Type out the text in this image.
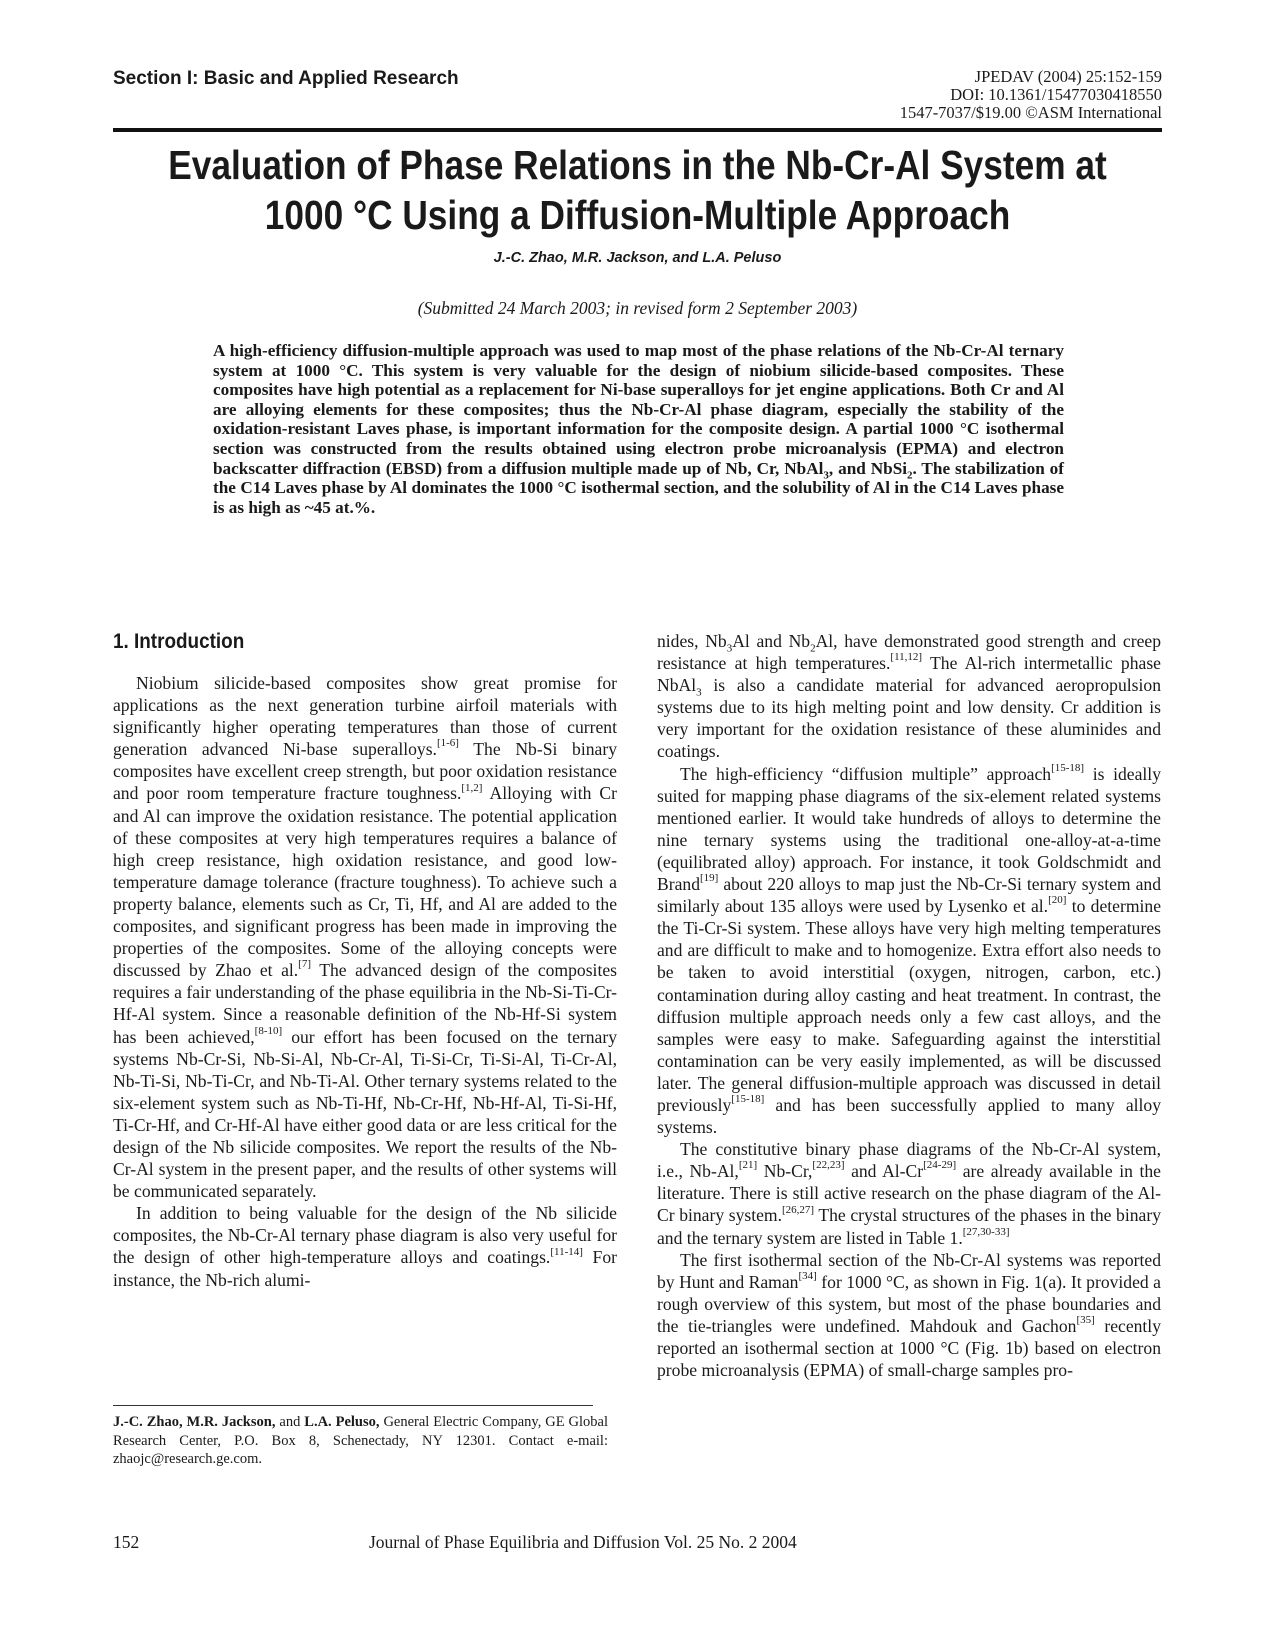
Section I: Basic and Applied Research	JPEDAV (2004) 25:152-159
DOI: 10.1361/15477030418550
1547-7037/$19.00 ©ASM International
Evaluation of Phase Relations in the Nb-Cr-Al System at
1000 °C Using a Diffusion-Multiple Approach
J.-C. Zhao, M.R. Jackson, and L.A. Peluso
(Submitted 24 March 2003; in revised form 2 September 2003)

A high-efficiency diffusion-multiple approach was used to map most of the phase relations of the Nb-Cr-Al ternary system at 1000 °C. This system is very valuable for the design of niobium silicide-based composites. These composites have high potential as a replacement for Ni-base superalloys for jet engine applications. Both Cr and Al are alloying elements for these composites; thus the Nb-Cr-Al phase diagram, especially the stability of the oxidation-resistant Laves phase, is important information for the composite design. A partial 1000 °C isothermal section was constructed from the results obtained using electron probe microanalysis (EPMA) and electron backscatter diffraction (EBSD) from a diffusion multiple made up of Nb, Cr, NbAl$_3$, and NbSi$_2$. The stabilization of the C14 Laves phase by Al dominates the 1000 °C isothermal section, and the solubility of Al in the C14 Laves phase is as high as ~45 at.%.

1. Introduction

Niobium silicide-based composites show great promise for applications as the next generation turbine airfoil materials with significantly higher operating temperatures than those of current generation advanced Ni-base superalloys.[1-6] The Nb-Si binary composites have excellent creep strength, but poor oxidation resistance and poor room temperature fracture toughness.[1,2] Alloying with Cr and Al can improve the oxidation resistance. The potential application of these composites at very high temperatures requires a balance of high creep resistance, high oxidation resistance, and good low-temperature damage tolerance (fracture toughness). To achieve such a property balance, elements such as Cr, Ti, Hf, and Al are added to the composites, and significant progress has been made in improving the properties of the composites. Some of the alloying concepts were discussed by Zhao et al.[7] The advanced design of the composites requires a fair understanding of the phase equilibria in the Nb-Si-Ti-Cr-Hf-Al system. Since a reasonable definition of the Nb-Hf-Si system has been achieved,[8-10] our effort has been focused on the ternary systems Nb-Cr-Si, Nb-Si-Al, Nb-Cr-Al, Ti-Si-Cr, Ti-Si-Al, Ti-Cr-Al, Nb-Ti-Si, Nb-Ti-Cr, and Nb-Ti-Al. Other ternary systems related to the six-element system such as Nb-Ti-Hf, Nb-Cr-Hf, Nb-Hf-Al, Ti-Si-Hf, Ti-Cr-Hf, and Cr-Hf-Al have either good data or are less critical for the design of the Nb silicide composites. We report the results of the Nb-Cr-Al system in the present paper, and the results of other systems will be communicated separately.

In addition to being valuable for the design of the Nb silicide composites, the Nb-Cr-Al ternary phase diagram is also very useful for the design of other high-temperature alloys and coatings.[11-14] For instance, the Nb-rich alumi-

nides, $Nb_3Al$ and $Nb_2Al$, have demonstrated good strength and creep resistance at high temperatures.[11,12] The Al-rich intermetallic phase NbAl$_3$ is also a candidate material for advanced aeropropulsion systems due to its high melting point and low density. Cr addition is very important for the oxidation resistance of these aluminides and coatings.

The high-efficiency “diffusion multiple” approach[15-18] is ideally suited for mapping phase diagrams of the six-element related systems mentioned earlier. It would take hundreds of alloys to determine the nine ternary systems using the traditional one-alloy-at-a-time (equilibrated alloy) approach. For instance, it took Goldschmidt and Brand[19] about 220 alloys to map just the Nb-Cr-Si ternary system and similarly about 135 alloys were used by Lysenko et al.[20] to determine the Ti-Cr-Si system. These alloys have very high melting temperatures and are difficult to make and to homogenize. Extra effort also needs to be taken to avoid interstitial (oxygen, nitrogen, carbon, etc.) contamination during alloy casting and heat treatment. In contrast, the diffusion multiple approach needs only a few cast alloys, and the samples were easy to make. Safeguarding against the interstitial contamination can be very easily implemented, as will be discussed later. The general diffusion-multiple approach was discussed in detail previously[15-18] and has been successfully applied to many alloy systems.

The constitutive binary phase diagrams of the Nb-Cr-Al system, i.e., Nb-Al,[21] Nb-Cr,[22,23] and Al-Cr[24-29] are already available in the literature. There is still active research on the phase diagram of the Al-Cr binary system.[26,27] The crystal structures of the phases in the binary and the ternary system are listed in Table 1.[27,30-33]

The first isothermal section of the Nb-Cr-Al systems was reported by Hunt and Raman[34] for 1000 °C, as shown in Fig. 1(a). It provided a rough overview of this system, but most of the phase boundaries and the tie-triangles were undefined. Mahdouk and Gachon[35] recently reported an isothermal section at 1000 °C (Fig. 1b) based on electron probe microanalysis (EPMA) of small-charge samples pro-

J.-C. Zhao, M.R. Jackson, and L.A. Peluso, General Electric Company, GE Global Research Center, P.O. Box 8, Schenectady, NY 12301. Contact e-mail: zhaojc@research.ge.com.
152	Journal of Phase Equilibria and Diffusion Vol. 25 No. 2 2004
